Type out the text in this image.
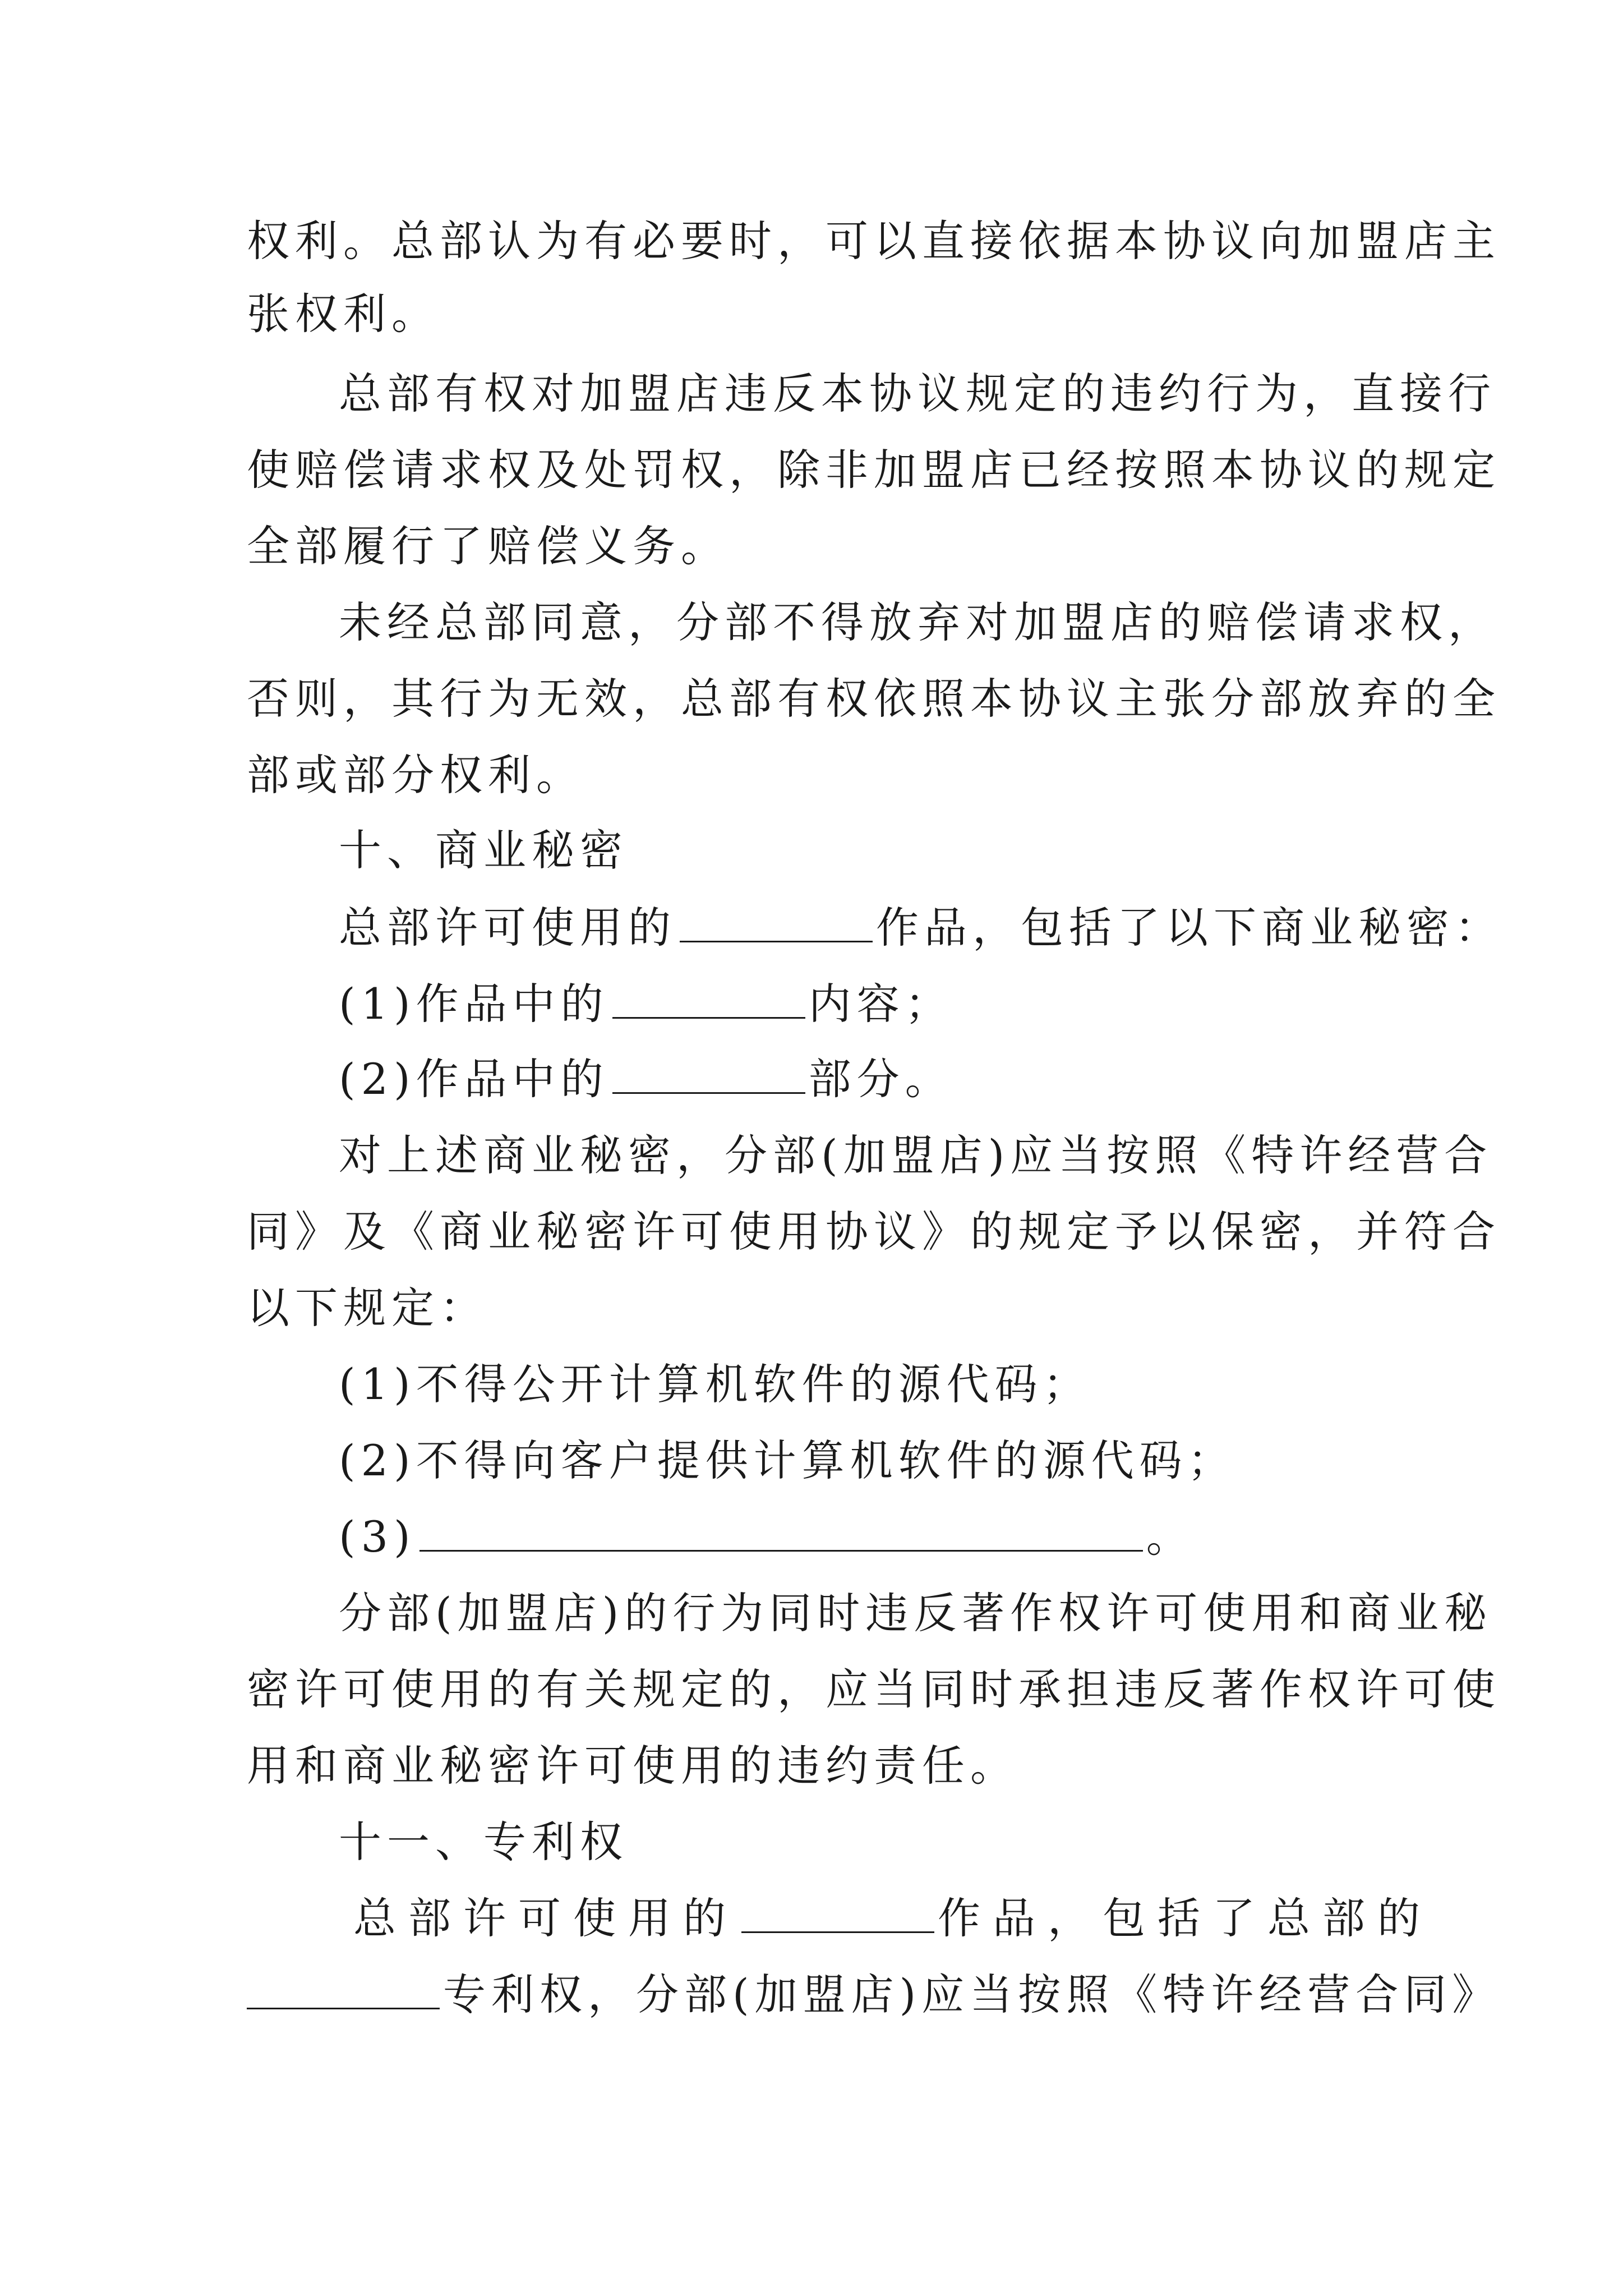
权利。总部认为有必要时，可以直接依据本协议向加盟店主
张权利。
总部有权对加盟店违反本协议规定的违约行为，直接行
使赔偿请求权及处罚权，除非加盟店已经按照本协议的规定
全部履行了赔偿义务。
未经总部同意，分部不得放弃对加盟店的赔偿请求权，
否则，其行为无效，总部有权依照本协议主张分部放弃的全
部或部分权利。
十、商业秘密
总部许可使用的	作品，包括了以下商业秘密：
(1)作品中的	内容；
(2)作品中的	部分。
对上述商业秘密，分部(加盟店)应当按照《特许经营合
同》及《商业秘密许可使用协议》的规定予以保密，并符合
以下规定：
(1)不得公开计算机软件的源代码；
(2)不得向客户提供计算机软件的源代码；
(3)	。
分部(加盟店)的行为同时违反著作权许可使用和商业秘
密许可使用的有关规定的，应当同时承担违反著作权许可使
用和商业秘密许可使用的违约责任。
十一、专利权
总部许可使用的	作品，包括了总部的
专利权，分部(加盟店)应当按照《特许经营合同》
